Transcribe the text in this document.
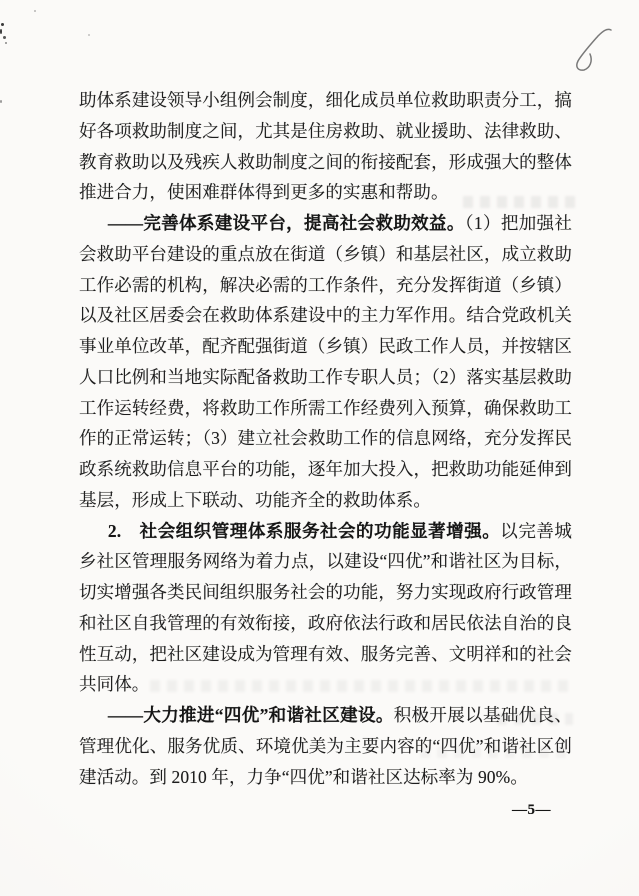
助体系建设领导小组例会制度，细化成员单位救助职责分工，搞好各项救助制度之间，尤其是住房救助、就业援助、法律救助、教育救助以及残疾人救助制度之间的衔接配套，形成强大的整体推进合力，使困难群体得到更多的实惠和帮助。

——完善体系建设平台，提高社会救助效益。（1）把加强社会救助平台建设的重点放在街道（乡镇）和基层社区，成立救助工作必需的机构，解决必需的工作条件，充分发挥街道（乡镇）以及社区居委会在救助体系建设中的主力军作用。结合党政机关事业单位改革，配齐配强街道（乡镇）民政工作人员，并按辖区人口比例和当地实际配备救助工作专职人员；（2）落实基层救助工作运转经费，将救助工作所需工作经费列入预算，确保救助工作的正常运转；（3）建立社会救助工作的信息网络，充分发挥民政系统救助信息平台的功能，逐年加大投入，把救助功能延伸到基层，形成上下联动、功能齐全的救助体系。

2.　社会组织管理体系服务社会的功能显著增强。以完善城乡社区管理服务网络为着力点，以建设“四优”和谐社区为目标，切实增强各类民间组织服务社会的功能，努力实现政府行政管理和社区自我管理的有效衔接，政府依法行政和居民依法自治的良性互动，把社区建设成为管理有效、服务完善、文明祥和的社会共同体。

——大力推进“四优”和谐社区建设。积极开展以基础优良、管理优化、服务优质、环境优美为主要内容的“四优”和谐社区创建活动。到 2010 年，力争“四优”和谐社区达标率为 90%。

—5—
